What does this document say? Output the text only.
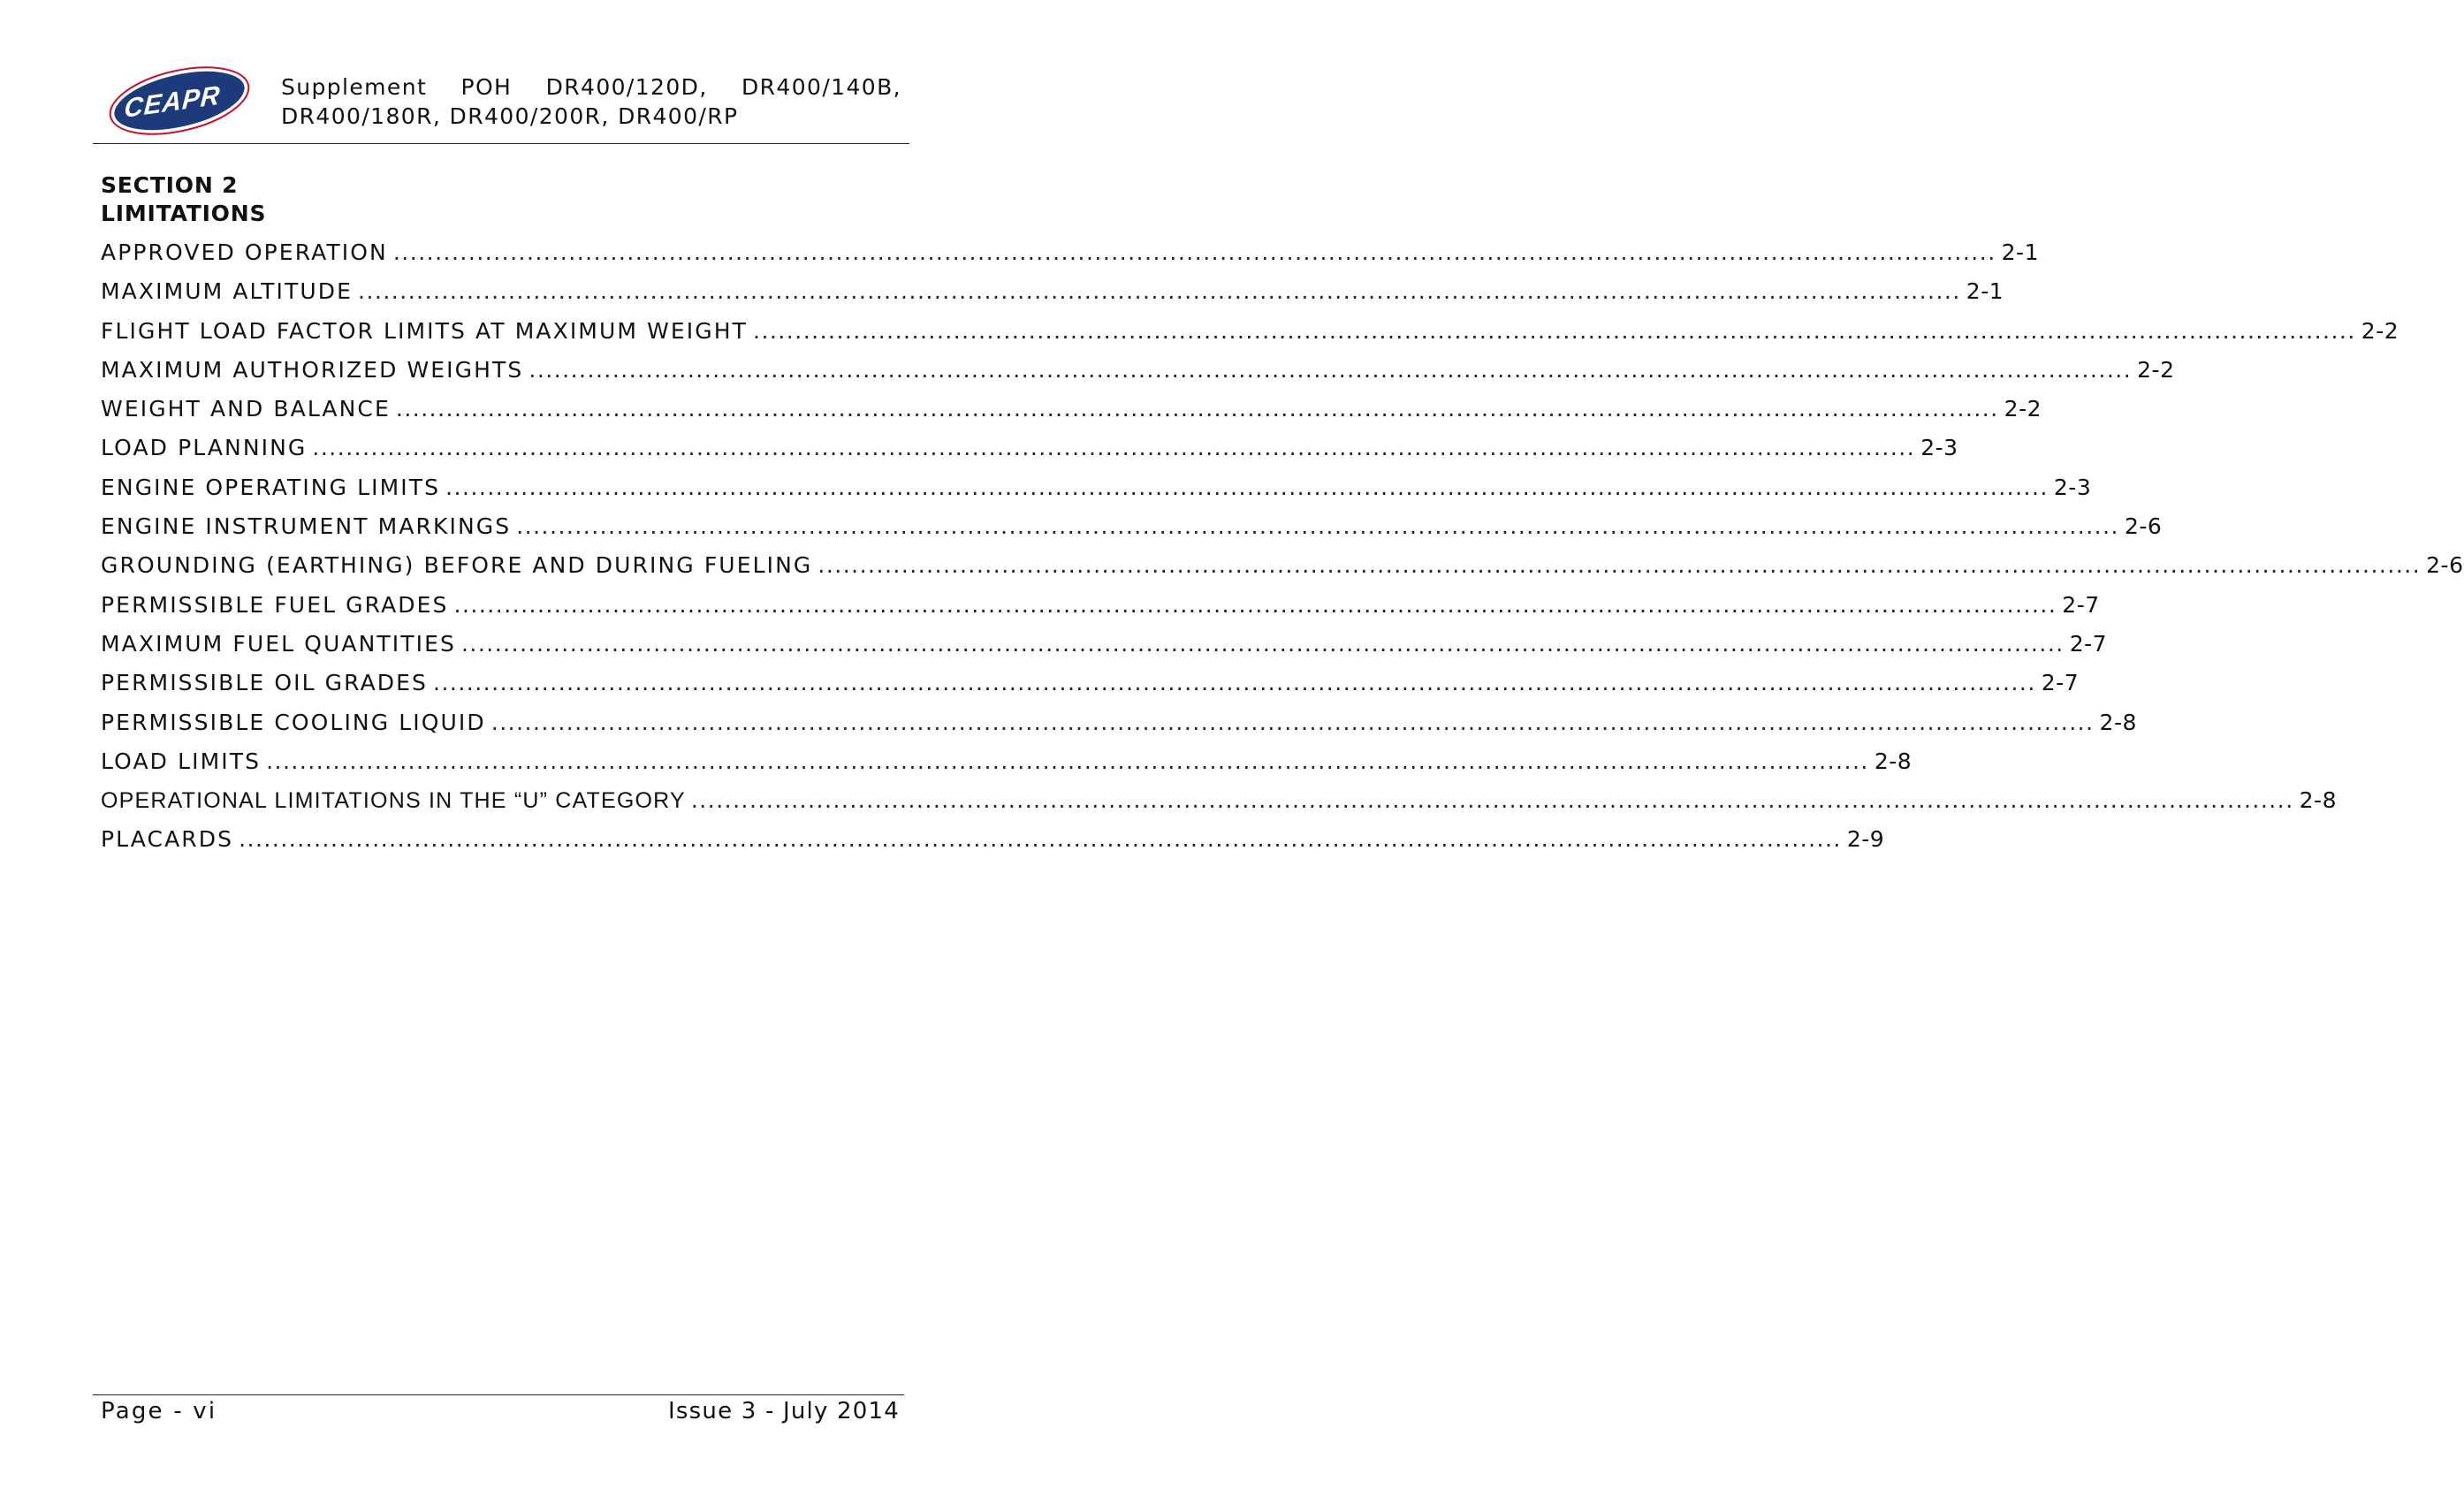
CEAPR	Supplement POH DR400/120D, DR400/140B,
DR400/180R, DR400/200R, DR400/RP
SECTION 2
LIMITATIONS
APPROVED OPERATION ................................................................................................................................................................................................ 2-1
MAXIMUM ALTITUDE ................................................................................................................................................................................................ 2-1
FLIGHT LOAD FACTOR LIMITS AT MAXIMUM WEIGHT ................................................................................................................................................................................................ 2-2
MAXIMUM AUTHORIZED WEIGHTS ................................................................................................................................................................................................ 2-2
WEIGHT AND BALANCE ................................................................................................................................................................................................ 2-2
LOAD PLANNING ................................................................................................................................................................................................ 2-3
ENGINE OPERATING LIMITS ................................................................................................................................................................................................ 2-3
ENGINE INSTRUMENT MARKINGS ................................................................................................................................................................................................ 2-6
GROUNDING (EARTHING) BEFORE AND DURING FUELING ................................................................................................................................................................................................ 2-6
PERMISSIBLE FUEL GRADES ................................................................................................................................................................................................ 2-7
MAXIMUM FUEL QUANTITIES ................................................................................................................................................................................................ 2-7
PERMISSIBLE OIL GRADES ................................................................................................................................................................................................ 2-7
PERMISSIBLE COOLING LIQUID ................................................................................................................................................................................................ 2-8
LOAD LIMITS ................................................................................................................................................................................................ 2-8
OPERATIONAL LIMITATIONS IN THE “U” CATEGORY ................................................................................................................................................................................................ 2-8
PLACARDS ................................................................................................................................................................................................ 2-9
Page - vi	Issue 3 - July 2014
